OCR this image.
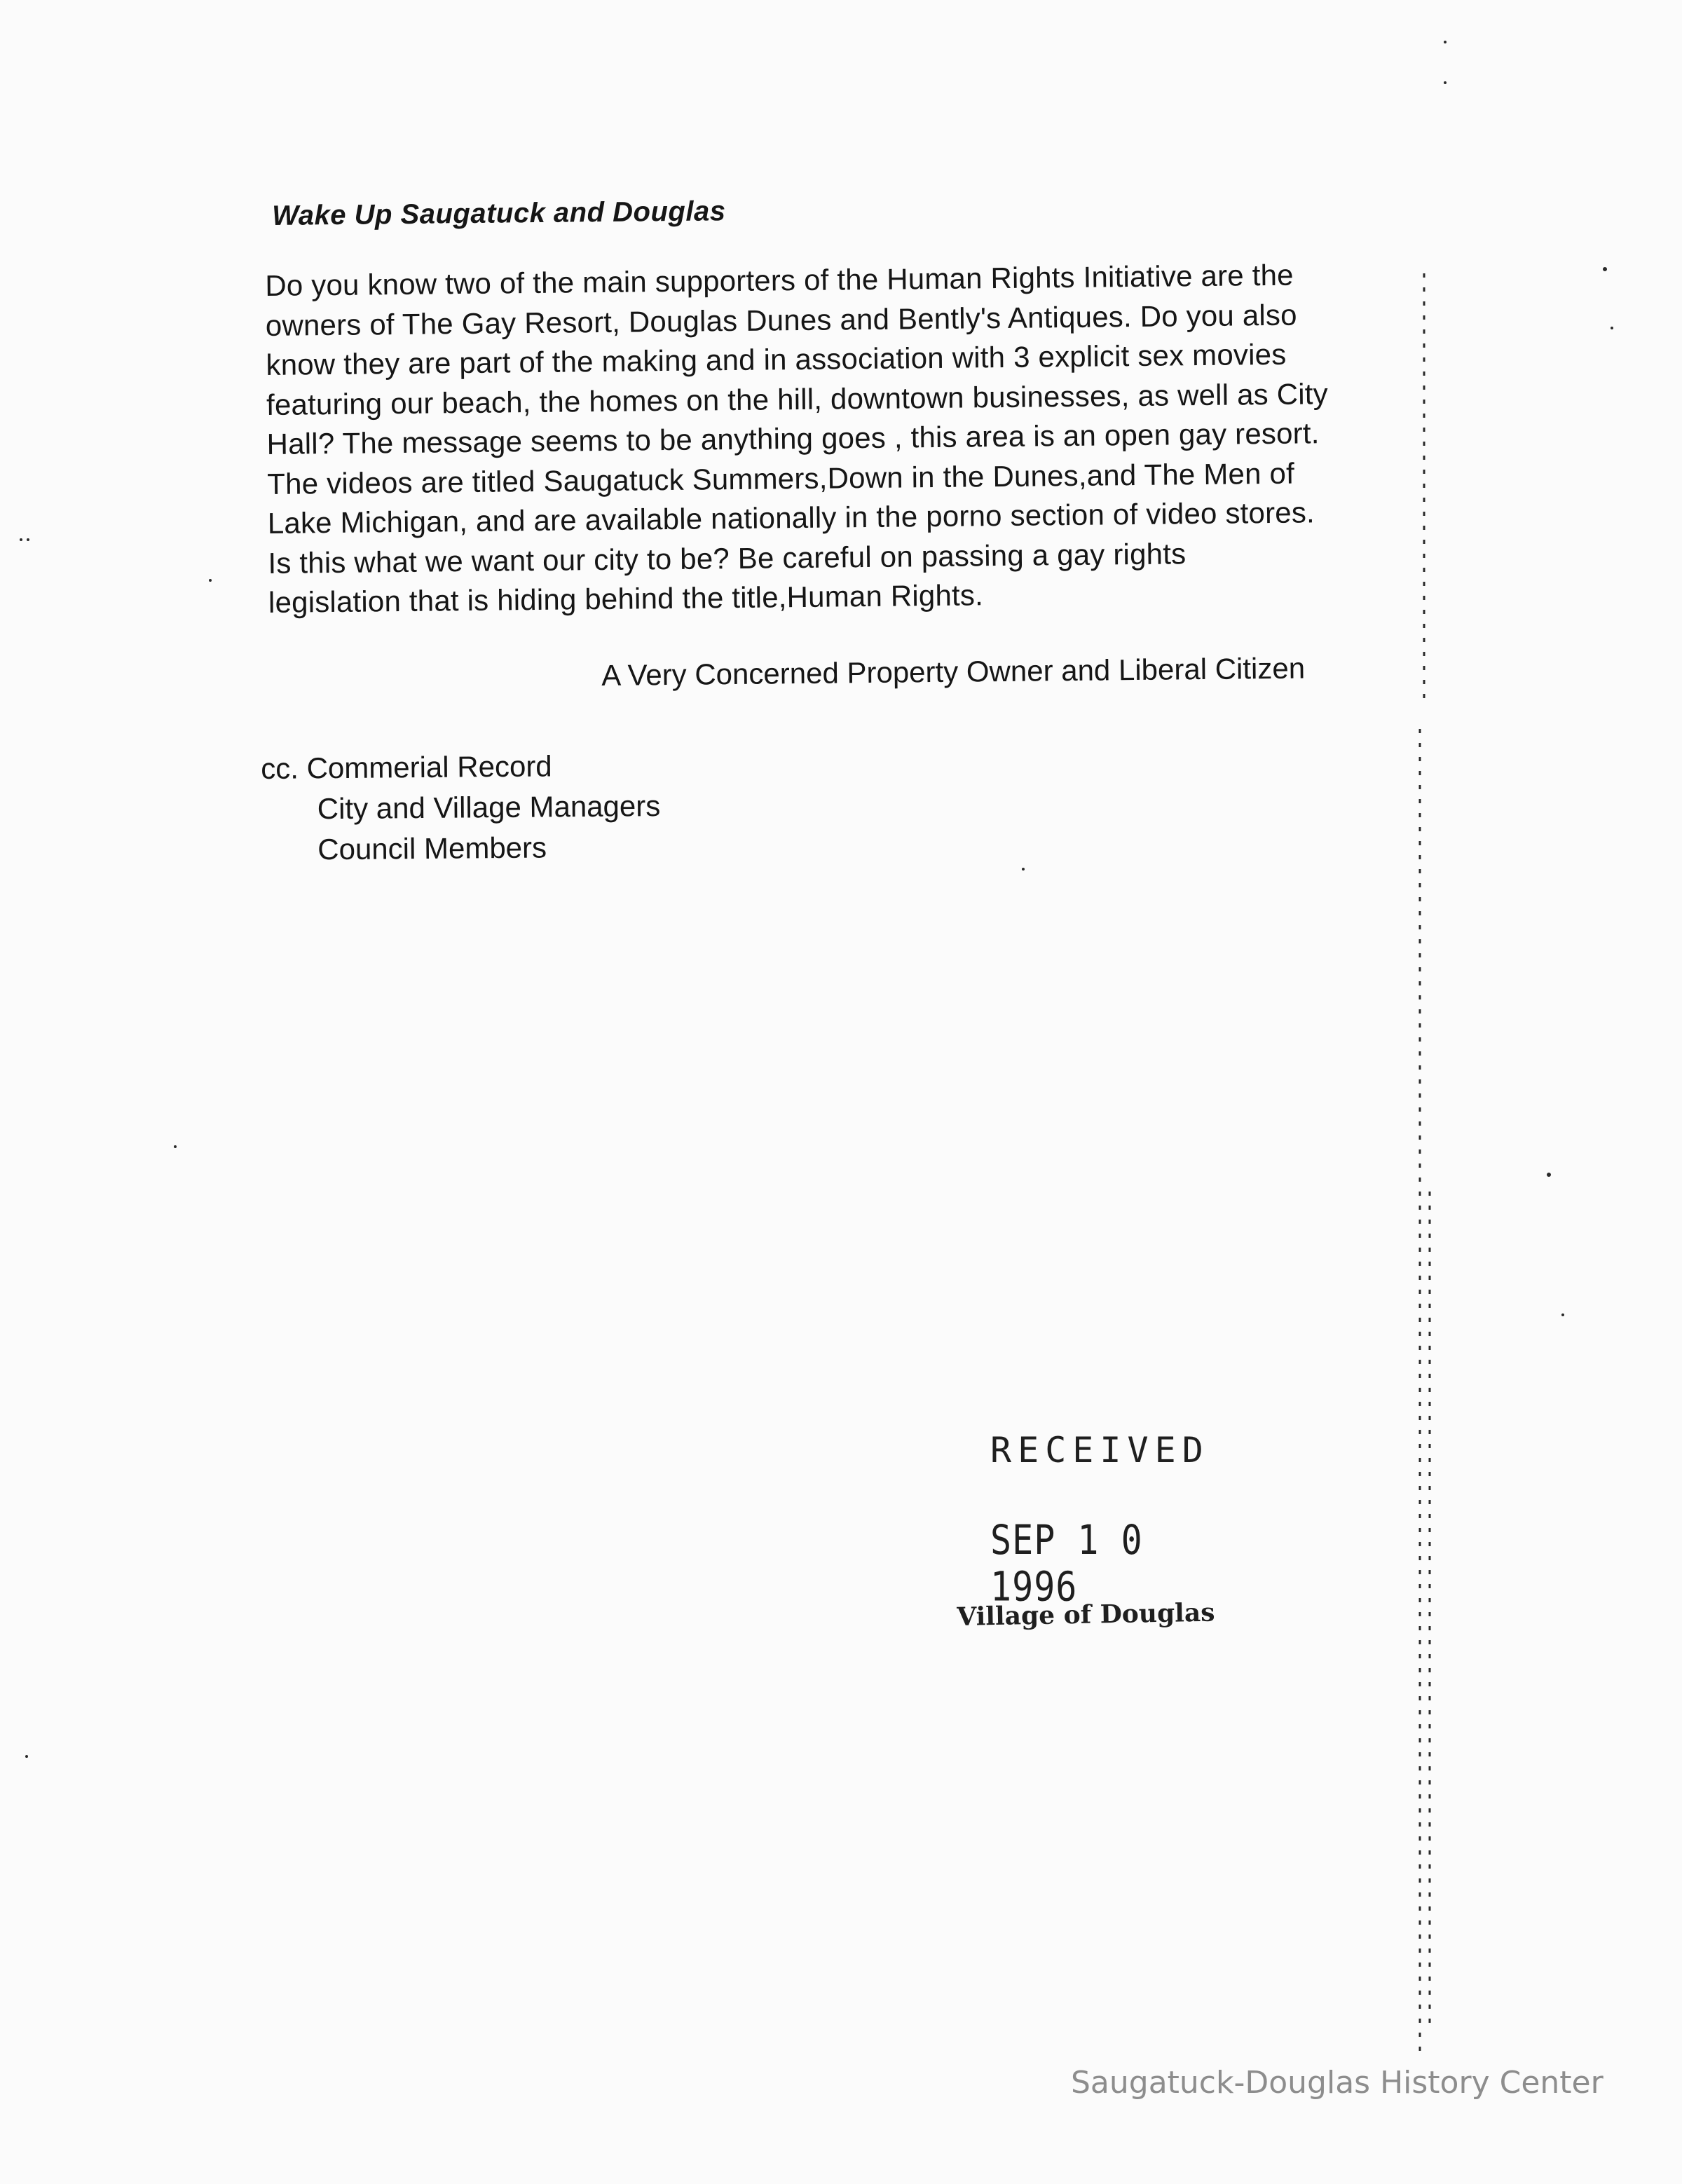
Wake Up Saugatuck and Douglas
Do you know two of the main supporters of the Human Rights Initiative are the
owners of The Gay Resort, Douglas Dunes and Bently's Antiques. Do you also
know they are part of the making and in association with 3 explicit sex movies
featuring our beach, the homes on the hill, downtown businesses, as well as City
Hall? The message seems to be anything goes , this area is an open gay resort.
The videos are titled Saugatuck Summers,Down in the Dunes,and The Men of
Lake Michigan, and are available nationally in the porno section of video stores.
Is this what we want our city to be? Be careful on passing a gay rights
legislation that is hiding behind the title,Human Rights.
A Very Concerned Property Owner and Liberal Citizen
cc. Commerial Record
City and Village Managers
Council Members
RECEIVED
SEP 1 0 1996
Village of Douglas
Saugatuck-Douglas History Center
